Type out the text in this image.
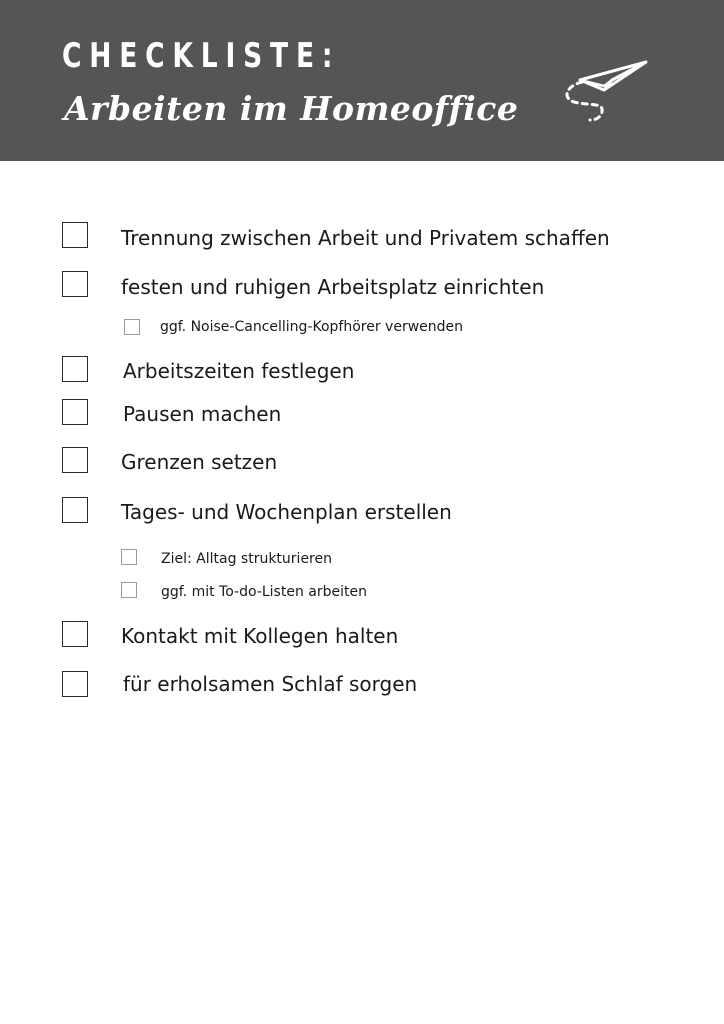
CHECKLISTE:
Arbeiten im Homeoffice
Trennung zwischen Arbeit und Privatem schaffen
festen und ruhigen Arbeitsplatz einrichten
ggf. Noise-Cancelling-Kopfhörer verwenden
Arbeitszeiten festlegen
Pausen machen
Grenzen setzen
Tages- und Wochenplan erstellen
Ziel: Alltag strukturieren
ggf. mit To-do-Listen arbeiten
Kontakt mit Kollegen halten
für erholsamen Schlaf sorgen
